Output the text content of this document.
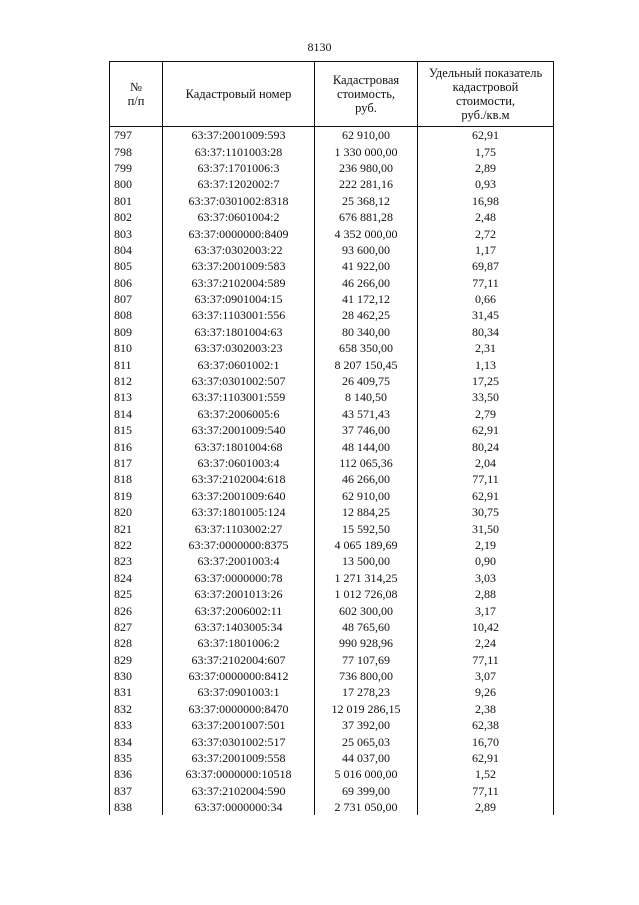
8130
№
п/п	Кадастровый номер	Кадастровая
стоимость,
руб.	Удельный показатель
кадастровой
стоимости,
руб./кв.м
797	63:37:2001009:593	62 910,00	62,91
798	63:37:1101003:28	1 330 000,00	1,75
799	63:37:1701006:3	236 980,00	2,89
800	63:37:1202002:7	222 281,16	0,93
801	63:37:0301002:8318	25 368,12	16,98
802	63:37:0601004:2	676 881,28	2,48
803	63:37:0000000:8409	4 352 000,00	2,72
804	63:37:0302003:22	93 600,00	1,17
805	63:37:2001009:583	41 922,00	69,87
806	63:37:2102004:589	46 266,00	77,11
807	63:37:0901004:15	41 172,12	0,66
808	63:37:1103001:556	28 462,25	31,45
809	63:37:1801004:63	80 340,00	80,34
810	63:37:0302003:23	658 350,00	2,31
811	63:37:0601002:1	8 207 150,45	1,13
812	63:37:0301002:507	26 409,75	17,25
813	63:37:1103001:559	8 140,50	33,50
814	63:37:2006005:6	43 571,43	2,79
815	63:37:2001009:540	37 746,00	62,91
816	63:37:1801004:68	48 144,00	80,24
817	63:37:0601003:4	112 065,36	2,04
818	63:37:2102004:618	46 266,00	77,11
819	63:37:2001009:640	62 910,00	62,91
820	63:37:1801005:124	12 884,25	30,75
821	63:37:1103002:27	15 592,50	31,50
822	63:37:0000000:8375	4 065 189,69	2,19
823	63:37:2001003:4	13 500,00	0,90
824	63:37:0000000:78	1 271 314,25	3,03
825	63:37:2001013:26	1 012 726,08	2,88
826	63:37:2006002:11	602 300,00	3,17
827	63:37:1403005:34	48 765,60	10,42
828	63:37:1801006:2	990 928,96	2,24
829	63:37:2102004:607	77 107,69	77,11
830	63:37:0000000:8412	736 800,00	3,07
831	63:37:0901003:1	17 278,23	9,26
832	63:37:0000000:8470	12 019 286,15	2,38
833	63:37:2001007:501	37 392,00	62,38
834	63:37:0301002:517	25 065,03	16,70
835	63:37:2001009:558	44 037,00	62,91
836	63:37:0000000:10518	5 016 000,00	1,52
837	63:37:2102004:590	69 399,00	77,11
838	63:37:0000000:34	2 731 050,00	2,89
